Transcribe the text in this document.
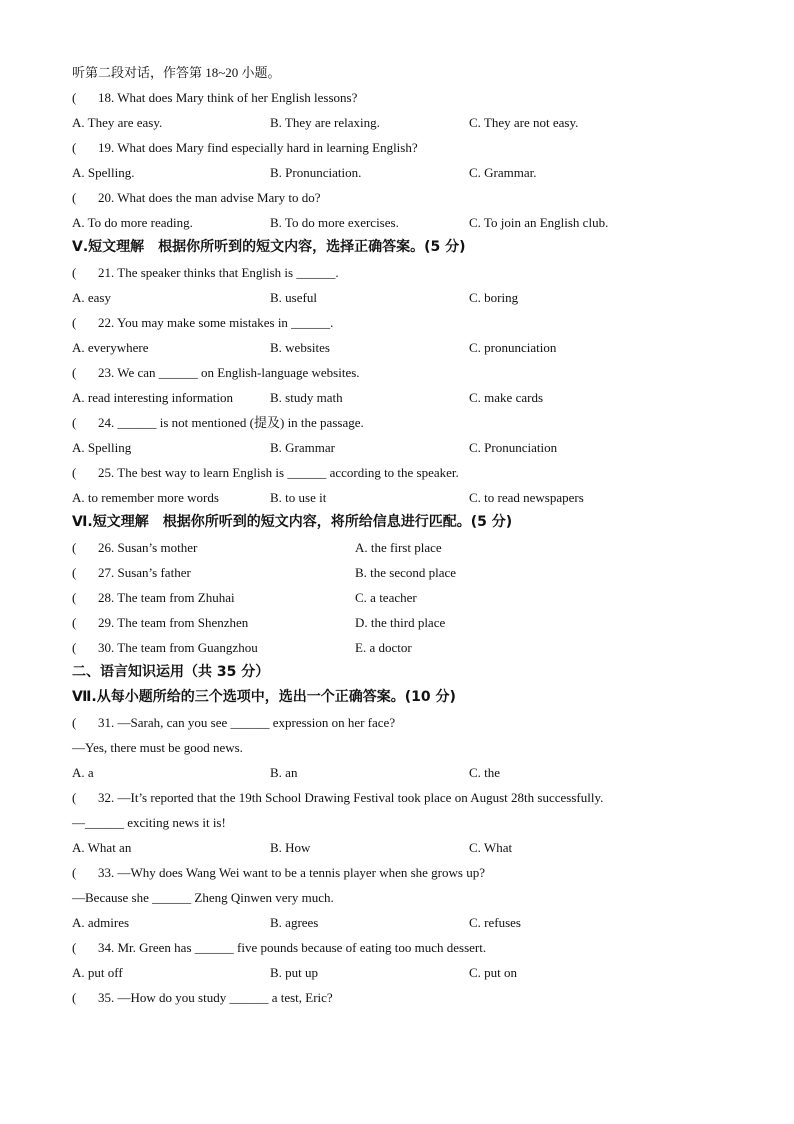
听第二段对话，作答第 18~20 小题。
( 18. What does Mary think of her English lessons?
A. They are easy.	B. They are relaxing.	C. They are not easy.
( 19. What does Mary find especially hard in learning English?
A. Spelling.	B. Pronunciation.	C. Grammar.
( 20. What does the man advise Mary to do?
A. To do more reading.	B. To do more exercises.	C. To join an English club.
Ⅴ.短文理解　根据你所听到的短文内容，选择正确答案。(5 分)
( 21. The speaker thinks that English is ______.
A. easy	B. useful	C. boring
( 22. You may make some mistakes in ______.
A. everywhere	B. websites	C. pronunciation
( 23. We can ______ on English-language websites.
A. read interesting information	B. study math	C. make cards
( 24. ______ is not mentioned (提及) in the passage.
A. Spelling	B. Grammar	C. Pronunciation
( 25. The best way to learn English is ______ according to the speaker.
A. to remember more words	B. to use it	C. to read newspapers
Ⅵ.短文理解　根据你所听到的短文内容，将所给信息进行匹配。(5 分)
( 26. Susan’s mother	A. the first place
( 27. Susan’s father	B. the second place
( 28. The team from Zhuhai	C. a teacher
( 29. The team from Shenzhen	D. the third place
( 30. The team from Guangzhou	E. a doctor
二、语言知识运用（共 35 分）
Ⅶ.从每小题所给的三个选项中，选出一个正确答案。(10 分)
( 31. —Sarah, can you see ______ expression on her face?
—Yes, there must be good news.
A. a	B. an	C. the
( 32. —It’s reported that the 19th School Drawing Festival took place on August 28th successfully.
—______ exciting news it is!
A. What an	B. How	C. What
( 33. —Why does Wang Wei want to be a tennis player when she grows up?
—Because she ______ Zheng Qinwen very much.
A. admires	B. agrees	C. refuses
( 34. Mr. Green has ______ five pounds because of eating too much dessert.
A. put off	B. put up	C. put on
( 35. —How do you study ______ a test, Eric?
